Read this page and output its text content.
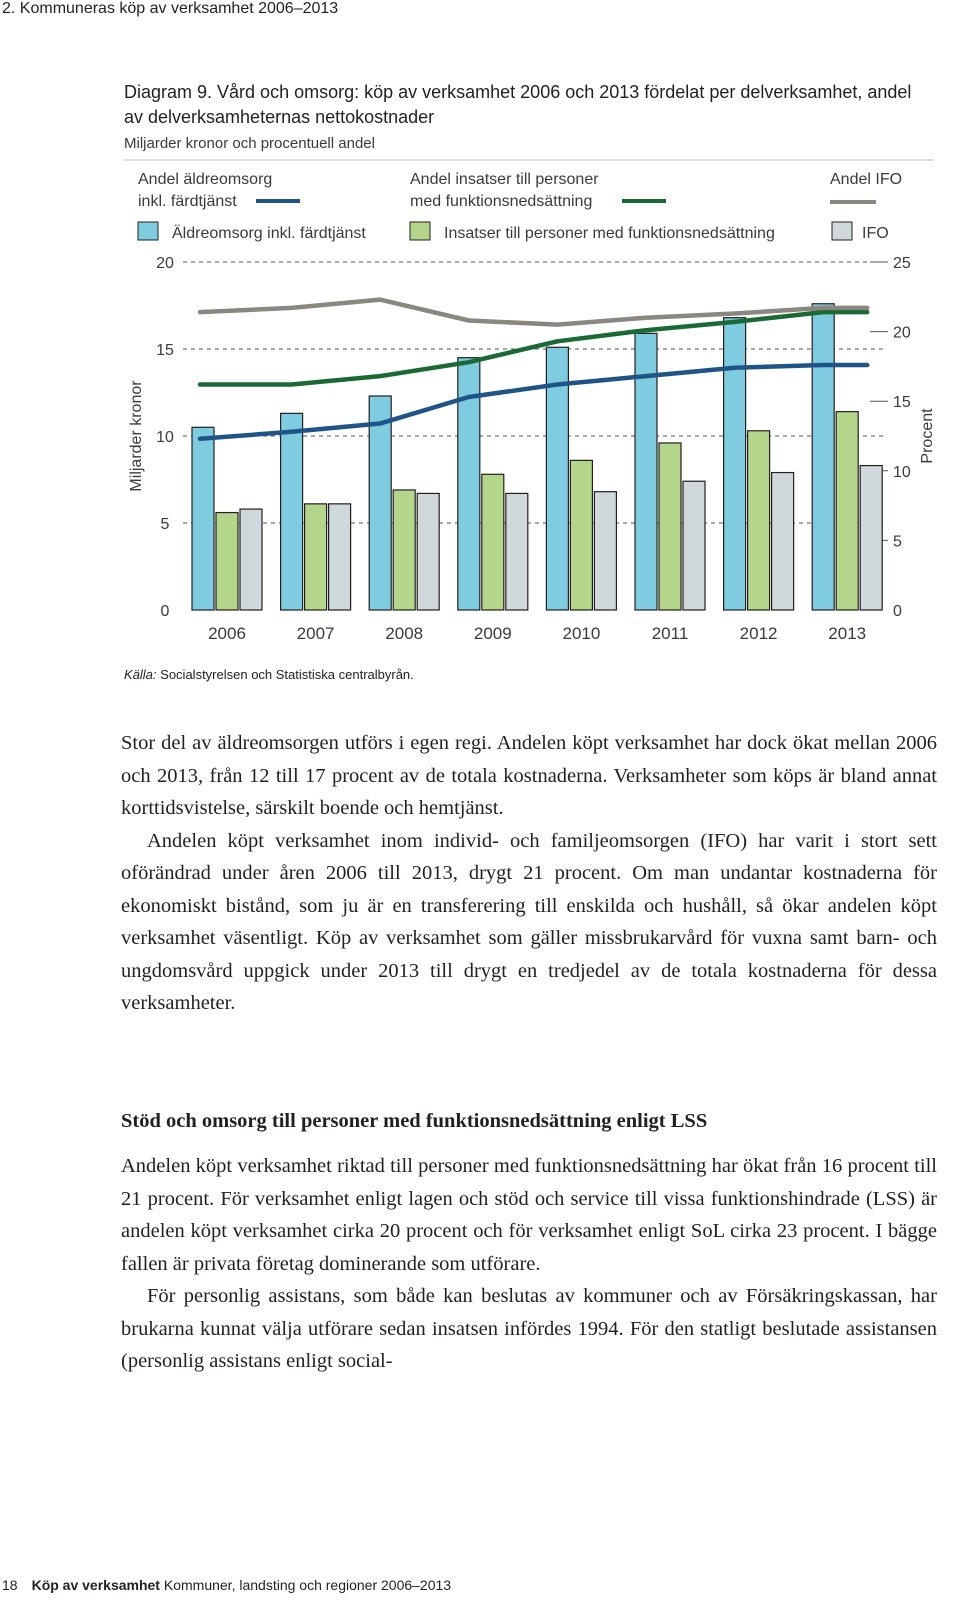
2. Kommuneras köp av verksamhet 2006–2013
Diagram 9. Vård och omsorg: köp av verksamhet 2006 och 2013 fördelat per delverksamhet, andel av delverksamheternas nettokostnader
Miljarder kronor och procentuell andel
Andel äldreomsorg
inkl. färdtjänst
Andel insatser till personer
med funktionsnedsättning
Andel IFO
Äldreomsorg inkl. färdtjänst	Insatser till personer med funktionsnedsättning	IFO
Miljarder kronor	Procent
0
5
10
15
20
0
5
10
15
20
25
2006	2007	2008	2009	2010	2011	2012	2013
Källa: Socialstyrelsen och Statistiska centralbyrån.

Stor del av äldreomsorgen utförs i egen regi. Andelen köpt verksamhet har dock ökat mellan 2006 och 2013, från 12 till 17 procent av de totala kostnaderna. Verksamheter som köps är bland annat korttidsvistelse, särskilt boende och hemtjänst.

Andelen köpt verksamhet inom individ- och familjeomsorgen (IFO) har varit i stort sett oförändrad under åren 2006 till 2013, drygt 21 procent. Om man undantar kostnaderna för ekonomiskt bistånd, som ju är en transferering till enskilda och hushåll, så ökar andelen köpt verksamhet väsentligt. Köp av verksamhet som gäller missbrukarvård för vuxna samt barn- och ungdomsvård uppgick under 2013 till drygt en tredjedel av de totala kostnaderna för dessa verksamheter.

Stöd och omsorg till personer med funktionsnedsättning enligt LSS

Andelen köpt verksamhet riktad till personer med funktionsnedsättning har ökat från 16 procent till 21 procent. För verksamhet enligt lagen och stöd och service till vissa funktionshindrade (LSS) är andelen köpt verksamhet cirka 20 procent och för verksamhet enligt SoL cirka 23 procent. I bägge fallen är privata företag dominerande som utförare.

För personlig assistans, som både kan beslutas av kommuner och av Försäkringskassan, har brukarna kunnat välja utförare sedan insatsen infördes 1994. För den statligt beslutade assistansen (personlig assistans enligt social-

18 Köp av verksamhet Kommuner, landsting och regioner 2006–2013
